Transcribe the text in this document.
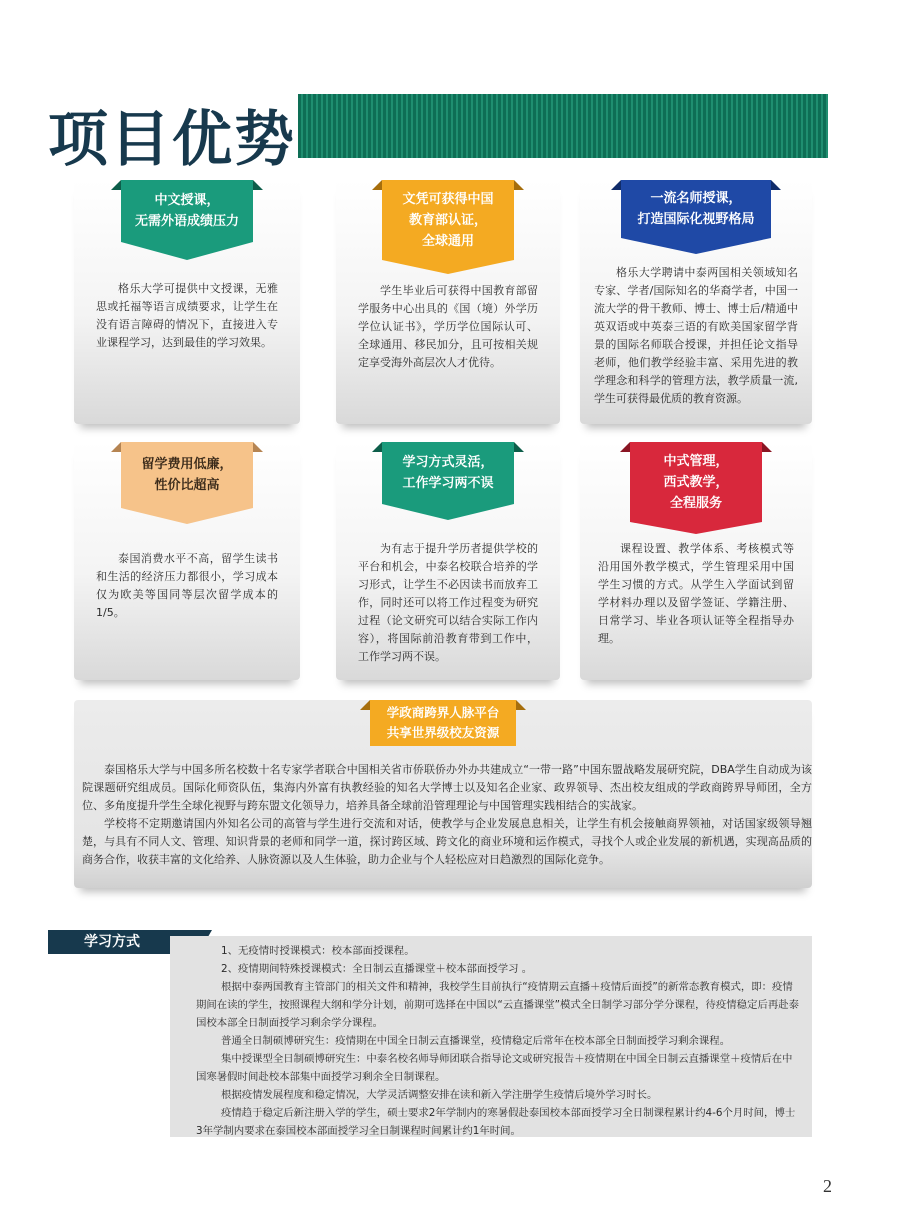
项目优势
中文授课，
无需外语成绩压力
格乐大学可提供中文授课，无雅思或托福等语言成绩要求，让学生在没有语言障碍的情况下，直接进入专业课程学习，达到最佳的学习效果。
文凭可获得中国
教育部认证，
全球通用
学生毕业后可获得中国教育部留学服务中心出具的《国（境）外学历学位认证书》，学历学位国际认可、全球通用、移民加分，且可按相关规定享受海外高层次人才优待。
一流名师授课，
打造国际化视野格局
格乐大学聘请中泰两国相关领域知名专家、学者/国际知名的华裔学者，中国一流大学的骨干教师、博士、博士后/精通中英双语或中英泰三语的有欧美国家留学背景的国际名师联合授课，并担任论文指导老师，他们教学经验丰富、采用先进的教学理念和科学的管理方法，教学质量一流,学生可获得最优质的教育资源。
留学费用低廉，
性价比超高
泰国消费水平不高，留学生读书和生活的经济压力都很小，学习成本仅为欧美等国同等层次留学成本的1/5。
学习方式灵活，
工作学习两不误
为有志于提升学历者提供学校的平台和机会，中泰名校联合培养的学习形式，让学生不必因读书而放弃工作，同时还可以将工作过程变为研究过程（论文研究可以结合实际工作内容），将国际前沿教育带到工作中，工作学习两不误。
中式管理，
西式教学，
全程服务
课程设置、教学体系、考核模式等沿用国外教学模式，学生管理采用中国学生习惯的方式。从学生入学面试到留学材料办理以及留学签证、学籍注册、日常学习、毕业各项认证等全程指导办理。
学政商跨界人脉平台
共享世界级校友资源

泰国格乐大学与中国多所名校数十名专家学者联合中国相关省市侨联侨办外办共建成立“一带一路”中国东盟战略发展研究院，DBA学生自动成为该院课题研究组成员。国际化师资队伍，集海内外富有执教经验的知名大学博士以及知名企业家、政界领导、杰出校友组成的学政商跨界导师团，全方位、多角度提升学生全球化视野与跨东盟文化领导力，培养具备全球前沿管理理论与中国管理实践相结合的实战家。

学校将不定期邀请国内外知名公司的高管与学生进行交流和对话，使教学与企业发展息息相关，让学生有机会接触商界领袖，对话国家级领导翘楚，与具有不同人文、管理、知识背景的老师和同学一道，探讨跨区域、跨文化的商业环境和运作模式，寻找个人或企业发展的新机遇，实现高品质的商务合作，收获丰富的文化给养、人脉资源以及人生体验，助力企业与个人轻松应对日趋激烈的国际化竞争。

学习方式

1、无疫情时授课模式：校本部面授课程。

2、疫情期间特殊授课模式：全日制云直播课堂＋校本部面授学习 。

根据中泰两国教育主管部门的相关文件和精神，我校学生目前执行“疫情期云直播＋疫情后面授”的新常态教育模式，即：疫情期间在读的学生，按照课程大纲和学分计划，前期可选择在中国以“云直播课堂”模式全日制学习部分学分课程，待疫情稳定后再赴泰国校本部全日制面授学习剩余学分课程。

普通全日制硕博研究生：疫情期在中国全日制云直播课堂，疫情稳定后常年在校本部全日制面授学习剩余课程。

集中授课型全日制硕博研究生：中泰名校名师导师团联合指导论文或研究报告＋疫情期在中国全日制云直播课堂＋疫情后在中国寒暑假时间赴校本部集中面授学习剩余全日制课程。

根据疫情发展程度和稳定情况，大学灵活调整安排在读和新入学注册学生疫情后境外学习时长。

疫情趋于稳定后新注册入学的学生，硕士要求2年学制内的寒暑假赴泰国校本部面授学习全日制课程累计约4-6个月时间，博士3年学制内要求在泰国校本部面授学习全日制课程时间累计约1年时间。

2
